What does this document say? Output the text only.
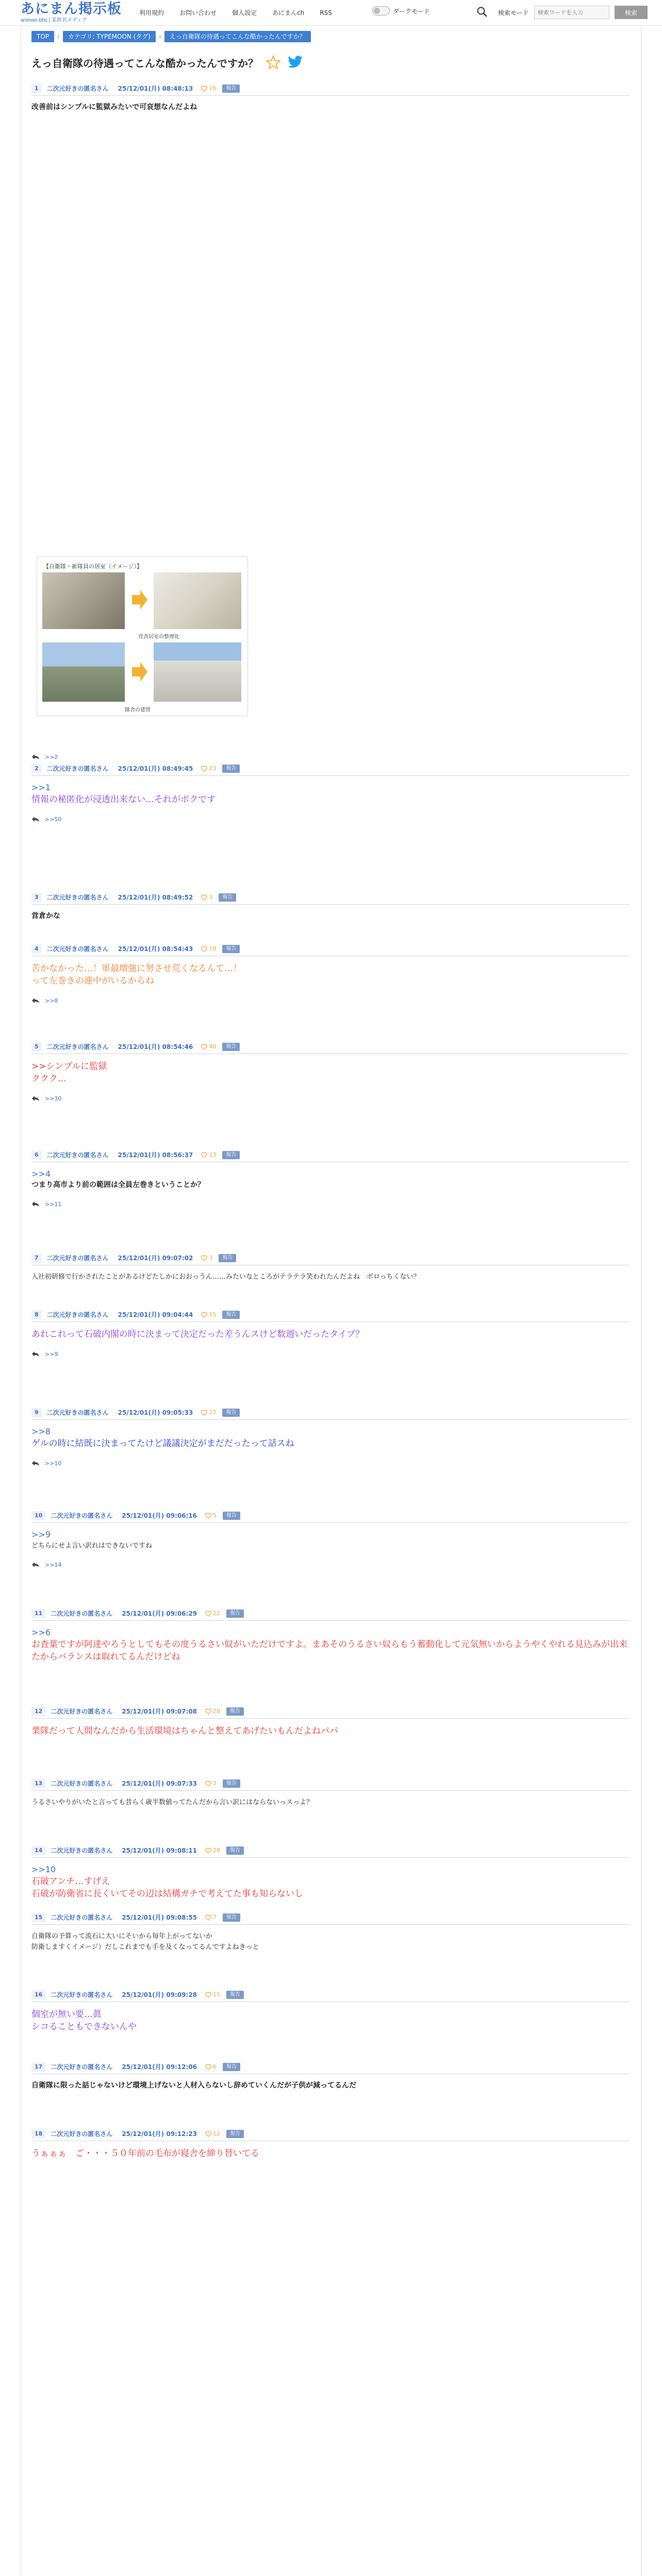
あにまん掲示板
animan bbs | 某匿名メディア
利用規約	お問い合わせ	個人設定	あにまんch	RSS	ダークモード	検索モード
検索ワードを入力	検索
TOP	›	カテゴリ: TYPEMOON (タグ)	›	えっ自衛隊の待遇ってこんな酷かったんですか？
えっ自衛隊の待遇ってこんな酷かったんですか？
1	二次元好きの匿名さん 25/12/01(月) 08:48:13	16	報告
改善前はシンプルに監獄みたいで可哀想なんだよね
>>2
2	二次元好きの匿名さん 25/12/01(月) 08:49:45	23	報告
>>1
情報の秘匿化が浸透出来ない…それがボクです
>>50
3	二次元好きの匿名さん 25/12/01(月) 08:49:52	3	報告
営倉かな
4	二次元好きの匿名さん 25/12/01(月) 08:54:43	18	報告
苦かなかった…！軍最増強に努させ荒くなるんて…！
って左巻きの連中がいるからね
>>8
5	二次元好きの匿名さん 25/12/01(月) 08:54:46	40	報告
>>シンプルに監獄
ククク…
>>30
6	二次元好きの匿名さん 25/12/01(月) 08:56:37	13	報告
>>4
つまり高市より前の範囲は全員左巻きということか？
>>11
7	二次元好きの匿名さん 25/12/01(月) 09:07:02	3	報告
入社初研修で行かされたことがあるけどたしかにおおっうん……みたいなところがテラテラ笑われたんだよね　ボロっちくない？
8	二次元好きの匿名さん 25/12/01(月) 09:04:44	15	報告
あれこれって石破内閣の時に決まって決定だった差うんスけど数週いだったタイプ？
>>9
9	二次元好きの匿名さん 25/12/01(月) 09:05:33	27	報告
>>8
ゲルの時に結既に決まってたけど議議決定がまだだったって話スね
>>10
10	二次元好きの匿名さん 25/12/01(月) 09:06:16	5	報告
>>9
どちらにせよ言い訳れはできないですね
>>14
11	二次元好きの匿名さん 25/12/01(月) 09:06:29	22	報告
>>6
お査葉ですが阿達やろうとしてもその度うるさい奴がいただけですよ。まあそのうるさい奴らもう蓄動化して元気無いからようやくやれる見込みが出来たからバランスは取れてるんだけどね
12	二次元好きの匿名さん 25/12/01(月) 09:07:08	28	報告
業隊だって人間なんだから生活環境はちゃんと整えてあげたいもんだよねパパ
13	二次元好きの匿名さん 25/12/01(月) 09:07:33	3	報告
うるさいやりがいたと言っても昔らく歳半数値ってたんだから言い訳にはならないっスっよ？
14	二次元好きの匿名さん 25/12/01(月) 09:08:11	28	報告
>>10
石破アンチ…すげえ
石破が防衛省に長くいてその辺は結構ガチで考えてた事も知らないし
15	二次元好きの匿名さん 25/12/01(月) 09:08:55	7	報告
自衛隊の予算って流石に大いにそいから毎年上がってないか
防衛しますくイメージ）だしこれまでも手を及くなってるんですよねきっと
16	二次元好きの匿名さん 25/12/01(月) 09:09:28	15	報告
個室が無い要…眞
シコることもできないんや
17	二次元好きの匿名さん 25/12/01(月) 09:12:06	6	報告
自衛隊に限った話じゃないけど環境上げないと人材入らないし辞めていくんだが子供が減ってるんだ
18	二次元好きの匿名さん 25/12/01(月) 09:12:23	12	報告
うぁぁぁ　ご・・・５０年前の毛布が寝舎を締り替いてる
【自衛隊・新隊員の居室（イメージ）】
営舎居室の整理化
隊舎の建替
